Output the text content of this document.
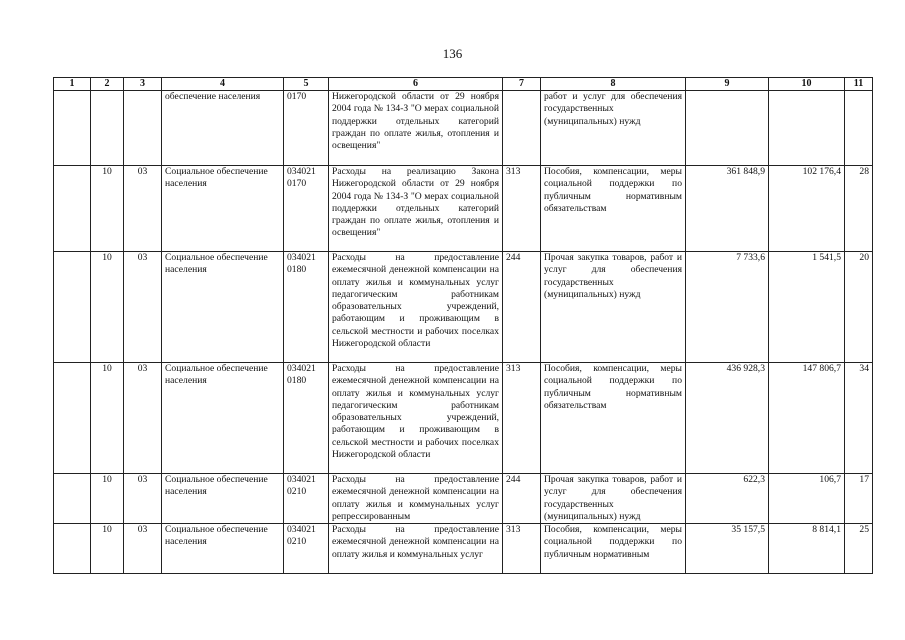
136
1	2	3	4	5	6	7	8	9	10	11
			обеспечение населения	0170	Нижегородской области от 29 ноября 2004 года № 134-З "О мерах социальной поддержки отдельных категорий граждан по оплате жилья, отопления и освещения"		работ и услуг для обеспечения государственных (муниципальных) нужд			
	10	03	Социальное обеспечение населения	034021 0170	Расходы на реализацию Закона Нижегородской области от 29 ноября 2004 года № 134-З "О мерах социальной поддержки отдельных категорий граждан по оплате жилья, отопления и освещения"	313	Пособия, компенсации, меры социальной поддержки по публичным нормативным обязательствам	361 848,9	102 176,4	28
	10	03	Социальное обеспечение населения	034021 0180	Расходы на предоставление ежемесячной денежной компенсации на оплату жилья и коммунальных услуг педагогическим работникам образовательных учреждений, работающим и проживающим в сельской местности и рабочих поселках Нижегородской области	244	Прочая закупка товаров, работ и услуг для обеспечения государственных (муниципальных) нужд	7 733,6	1 541,5	20
	10	03	Социальное обеспечение населения	034021 0180	Расходы на предоставление ежемесячной денежной компенсации на оплату жилья и коммунальных услуг педагогическим работникам образовательных учреждений, работающим и проживающим в сельской местности и рабочих поселках Нижегородской области	313	Пособия, компенсации, меры социальной поддержки по публичным нормативным обязательствам	436 928,3	147 806,7	34
	10	03	Социальное обеспечение населения	034021 0210	Расходы на предоставление ежемесячной денежной компенсации на оплату жилья и коммунальных услуг репрессированным	244	Прочая закупка товаров, работ и услуг для обеспечения государственных (муниципальных) нужд	622,3	106,7	17
	10	03	Социальное обеспечение населения	034021 0210	Расходы на предоставление ежемесячной денежной компенсации на оплату жилья и коммунальных услуг	313	Пособия, компенсации, меры социальной поддержки по публичным нормативным	35 157,5	8 814,1	25
